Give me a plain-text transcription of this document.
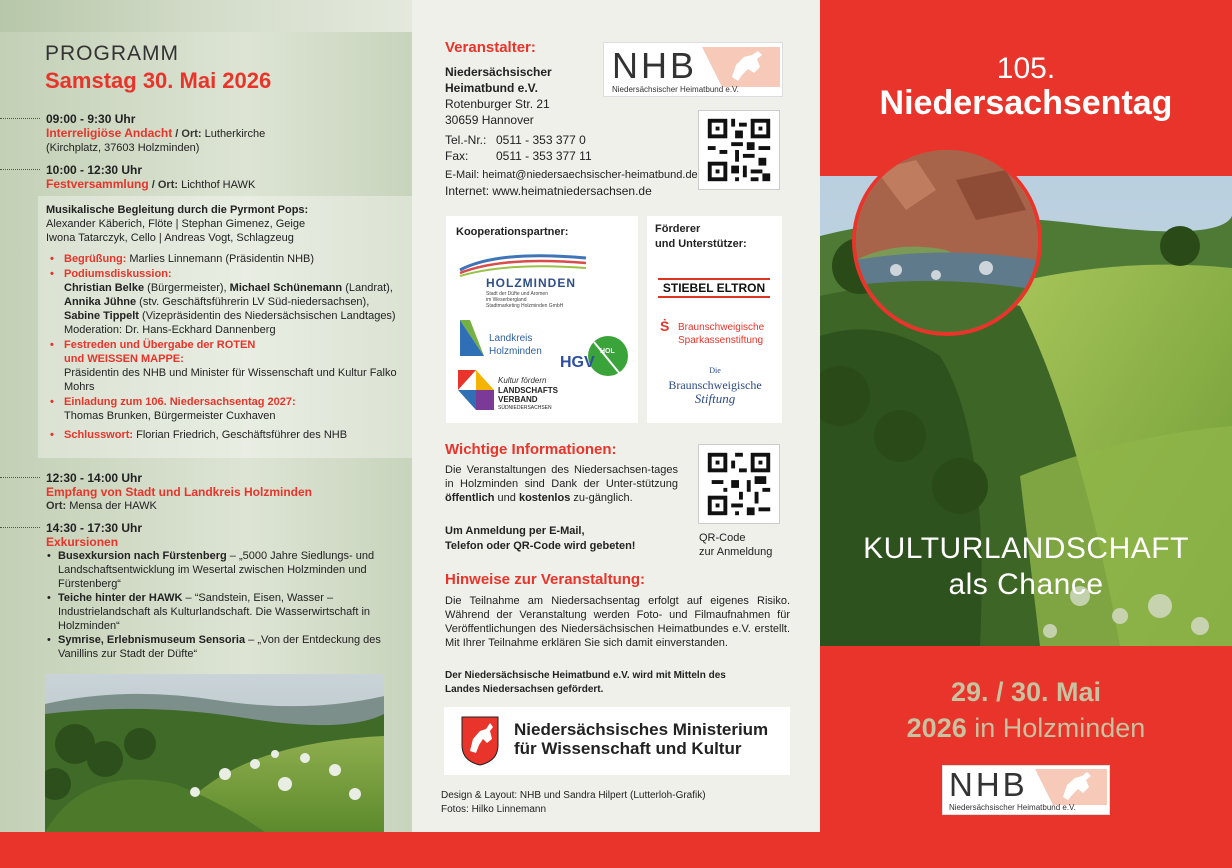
PROGRAMM
Samstag 30. Mai 2026
09:00 - 9:30 Uhr
Interreligiöse Andacht / Ort: Lutherkirche
(Kirchplatz, 37603 Holzminden)
10:00 - 12:30 Uhr
Festversammlung / Ort: Lichthof HAWK
Musikalische Begleitung durch die Pyrmont Pops:
Alexander Käberich, Flöte | Stephan Gimenez, Geige
Iwona Tatarczyk, Cello | Andreas Vogt, Schlagzeug
• Begrüßung: Marlies Linnemann (Präsidentin NHB)
• Podiumsdiskussion:
Christian Belke (Bürgermeister), Michael Schünemann (Landrat), Annika Jühne (stv. Geschäftsführerin LV Süd-niedersachsen), Sabine Tippelt (Vizepräsidentin des Niedersächsischen Landtages)
Moderation: Dr. Hans-Eckhard Dannenberg
• Festreden und Übergabe der ROTEN
und WEISSEN MAPPE:
Präsidentin des NHB und Minister für Wissenschaft und Kultur Falko Mohrs
• Einladung zum 106. Niedersachsentag 2027:
Thomas Brunken, Bürgermeister Cuxhaven
• Schlusswort: Florian Friedrich, Geschäftsführer des NHB
12:30 - 14:00 Uhr
Empfang von Stadt und Landkreis Holzminden
Ort: Mensa der HAWK
14:30 - 17:30 Uhr
Exkursionen
• Busexkursion nach Fürstenberg – „5000 Jahre Siedlungs- und Landschaftsentwicklung im Wesertal zwischen Holzminden und Fürstenberg“
• Teiche hinter der HAWK – “Sandstein, Eisen, Wasser – Industrielandschaft als Kulturlandschaft. Die Wasserwirtschaft in Holzminden“
• Symrise, Erlebnismuseum Sensoria – „Von der Entdeckung des Vanillins zur Stadt der Düfte“
Veranstalter:
Niedersächsischer
Heimatbund e.V.
Rotenburger Str. 21
30659 Hannover
Tel.-Nr.: 0511 - 353 377 0
Fax: 0511 - 353 377 11
E-Mail: heimat@niedersaechsischer-heimatbund.de
Internet: www.heimatniedersachsen.de
NHB
Niedersächsischer Heimatbund e.V.
Kooperationspartner:
HOLZMINDEN
Stadt der Düfte und Aromen
im Weserbergland
Stadtmarketing Holzminden GmbH
Landkreis
Holzminden
HGV
HOL
Kultur fördern
LANDSCHAFTS
VERBAND
SÜDNIEDERSACHSEN
Förderer
und Unterstützer:
STIEBEL ELTRON
Ṡ Braunschweigische
Sparkassenstiftung
Die
Braunschweigische
Stiftung
Wichtige Informationen:
Die Veranstaltungen des Niedersachsen-tages in Holzminden sind Dank der Unter-stützung öffentlich und kostenlos zu-gänglich.
Um Anmeldung per E-Mail,
Telefon oder QR-Code wird gebeten!
QR-Code
zur Anmeldung
Hinweise zur Veranstaltung:
Die Teilnahme am Niedersachsentag erfolgt auf eigenes Risiko. Während der Veranstaltung werden Foto- und Filmaufnahmen für Veröffentlichungen des Niedersächsischen Heimatbundes e.V. erstellt. Mit Ihrer Teilnahme erklären Sie sich damit einverstanden.
Der Niedersächsische Heimatbund e.V. wird mit Mitteln des
Landes Niedersachsen gefördert.
Niedersächsisches Ministerium
für Wissenschaft und Kultur
Design & Layout: NHB und Sandra Hilpert (Lutterloh-Grafik)
Fotos: Hilko Linnemann
105.
Niedersachsentag
KULTURLANDSCHAFT
als Chance
29. / 30. Mai
2026 in Holzminden
NHB
Niedersächsischer Heimatbund e.V.
